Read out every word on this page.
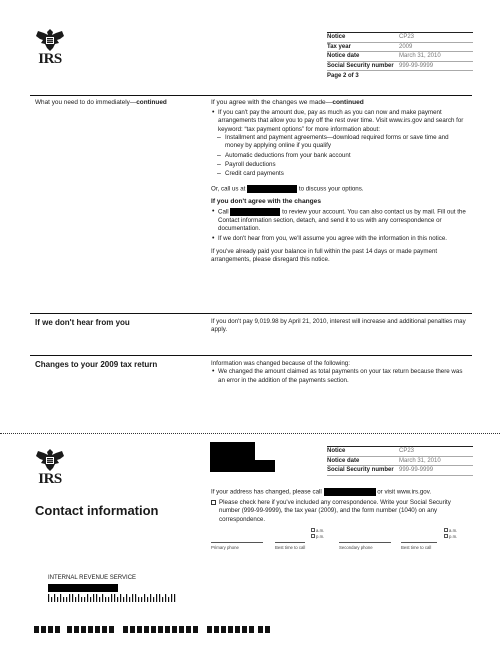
IRS
Notice	CP23
Tax year	2009
Notice date	March 31, 2010
Social Security number 999-99-9999
Page 2 of 3
What you need to do immediately—continued	If you agree with the changes we made—continued
• If you can't pay the amount due, pay as much as you can now and make payment arrangements that allow you to pay off the rest over time. Visit www.irs.gov and search for keyword: “tax payment options” for more information about:
– Installment and payment agreements—download required forms or save time and money by applying online if you qualify
– Automatic deductions from your bank account
– Payroll deductions
– Credit card payments

Or, call us at	to discuss your options.

If you don't agree with the changes
• Call	to review your account. You can also contact us by mail. Fill out the Contact information section, detach, and send it to us with any correspondence or documentation.
• If we don't hear from you, we'll assume you agree with the information in this notice.

If you've already paid your balance in full within the past 14 days or made payment arrangements, please disregard this notice.

If we don't hear from you	If you don't pay 9,019.98 by April 21, 2010, interest will increase and additional penalties may apply.
Changes to your 2009 tax return	Information was changed because of the following:
• We changed the amount claimed as total payments on your tax return because there was an error in the addition of the payments section.
IRS
Contact information
Notice	CP23
Notice date	March 31, 2010
Social Security number 999-99-9999

If your address has changed, please call	or visit www.irs.gov.

Please check here if you've included any correspondence. Write your Social Security number (999-99-9999), the tax year (2009), and the form number (1040) on any correspondence.
a.m.
p.m.
a.m.
p.m.
Primary phone	Best time to call	Secondary phone	Best time to call
INTERNAL REVENUE SERVICE
